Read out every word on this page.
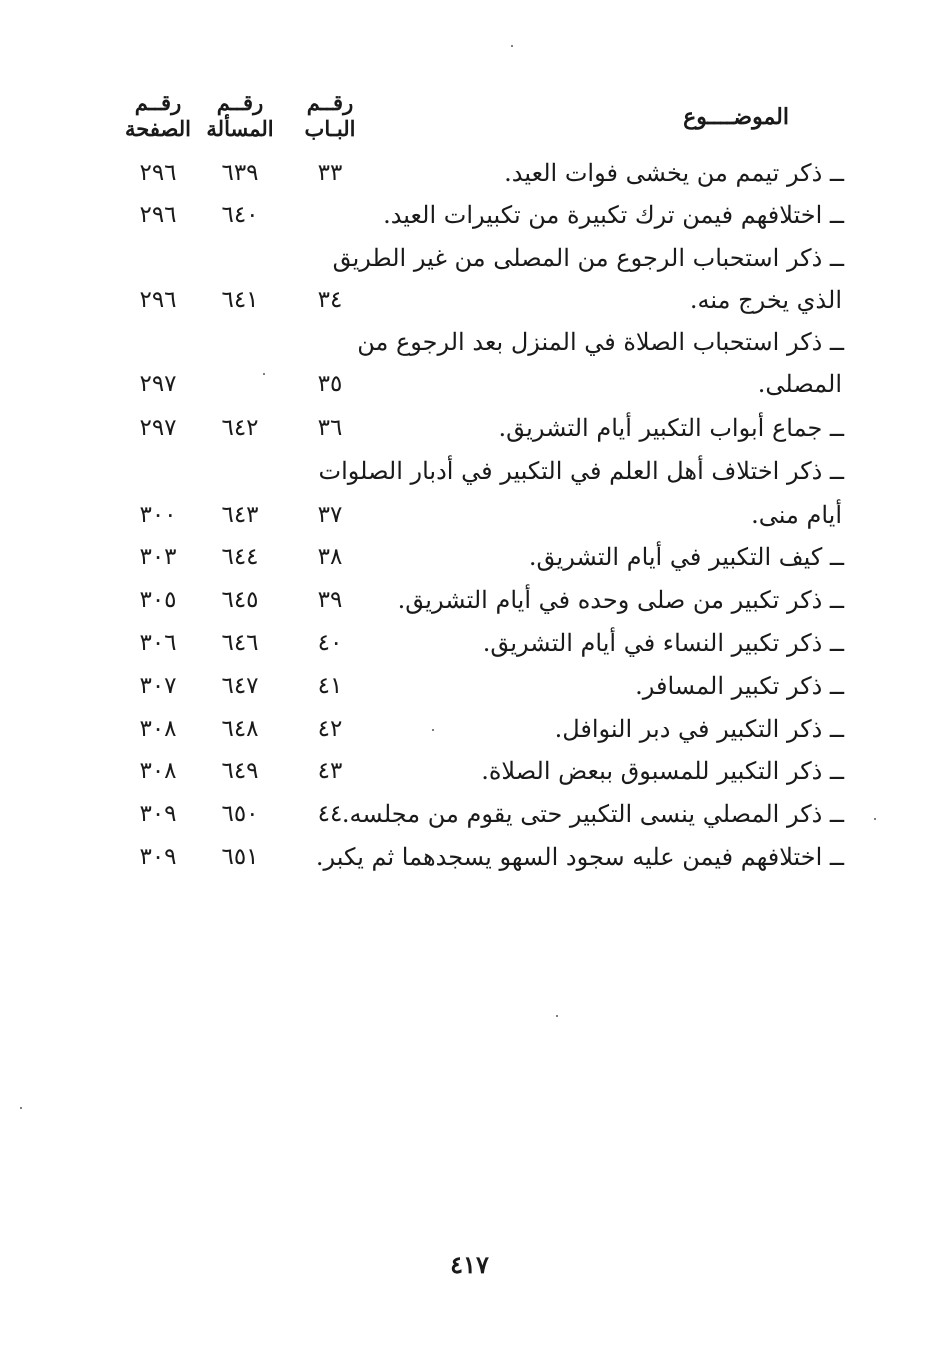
الموضــــوع
رقــم
البـاب
رقــم
المسألة
رقــم
الصفحة
ــ ذكر تيمم من يخشى فوات العيد.
٣٣
٦٣٩
٢٩٦
ــ اختلافهم فيمن ترك تكبيرة من تكبيرات العيد.
٦٤٠
٢٩٦
ــ ذكر استحباب الرجوع من المصلى من غير الطريق
الذي يخرج منه.
٣٤
٦٤١
٢٩٦
ــ ذكر استحباب الصلاة في المنزل بعد الرجوع من
المصلى.
٣٥
٢٩٧
ــ جماع أبواب التكبير أيام التشريق.
٣٦
٦٤٢
٢٩٧
ــ ذكر اختلاف أهل العلم في التكبير في أدبار الصلوات
أيام منى.
٣٧
٦٤٣
٣٠٠
ــ كيف التكبير في أيام التشريق.
٣٨
٦٤٤
٣٠٣
ــ ذكر تكبير من صلى وحده في أيام التشريق.
٣٩
٦٤٥
٣٠٥
ــ ذكر تكبير النساء في أيام التشريق.
٤٠
٦٤٦
٣٠٦
ــ ذكر تكبير المسافر.
٤١
٦٤٧
٣٠٧
ــ ذكر التكبير في دبر النوافل.
٤٢
٦٤٨
٣٠٨
ــ ذكر التكبير للمسبوق ببعض الصلاة.
٤٣
٦٤٩
٣٠٨
ــ ذكر المصلي ينسى التكبير حتى يقوم من مجلسه.
٤٤
٦٥٠
٣٠٩
ــ اختلافهم فيمن عليه سجود السهو يسجدهما ثم يكبر.
٦٥١
٣٠٩
٤١٧
